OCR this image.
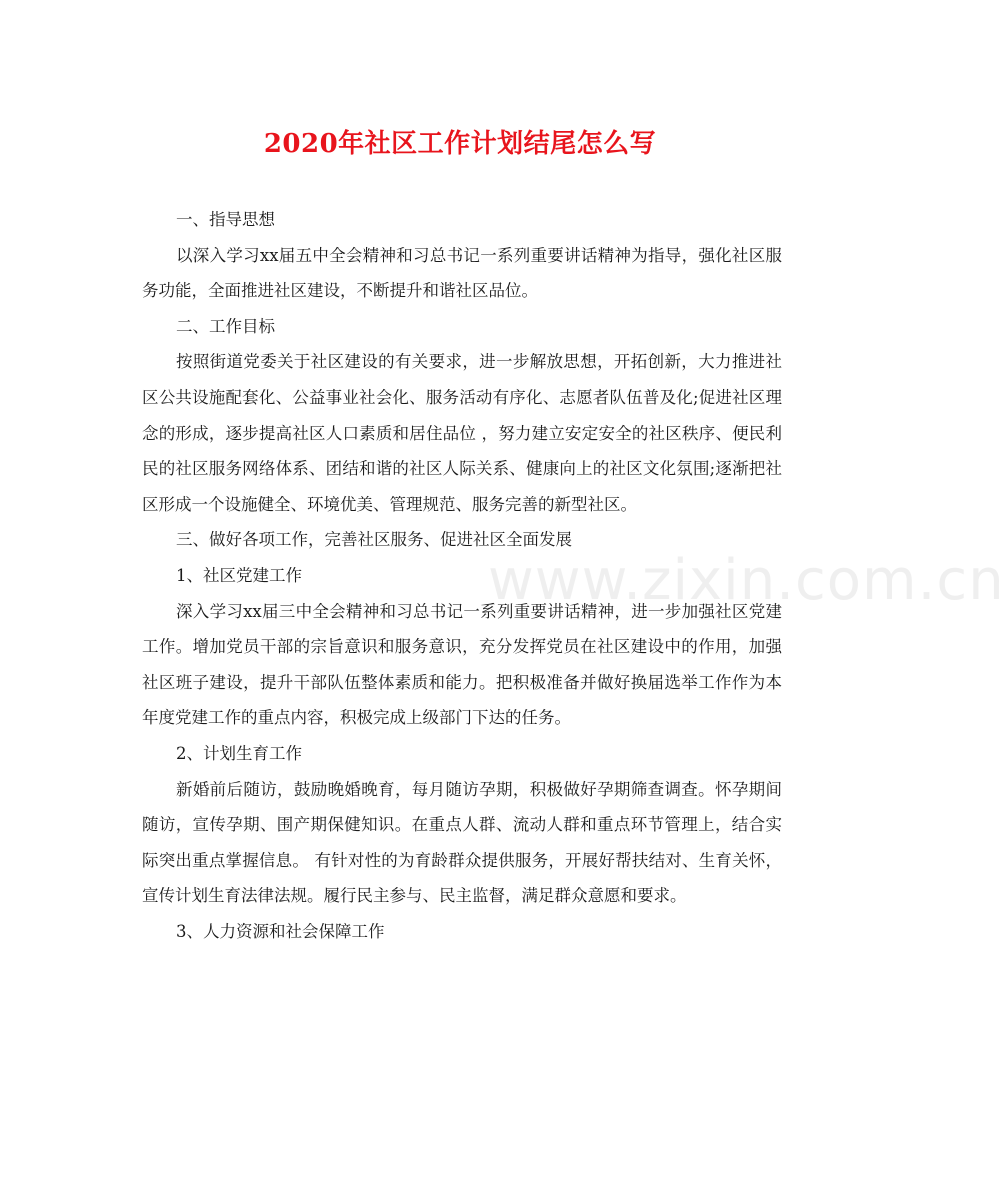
2020年社区工作计划结尾怎么写
www.zixin.com.cn

一、指导思想

以深入学习xx届五中全会精神和习总书记一系列重要讲话精神为指导，强化社区服务功能，全面推进社区建设，不断提升和谐社区品位。

二、工作目标

按照街道党委关于社区建设的有关要求，进一步解放思想，开拓创新，大力推进社区公共设施配套化、公益事业社会化、服务活动有序化、志愿者队伍普及化;促进社区理念的形成，逐步提高社区人口素质和居住品位 ，努力建立安定安全的社区秩序、便民利民的社区服务网络体系、团结和谐的社区人际关系、健康向上的社区文化氛围;逐渐把社区形成一个设施健全、环境优美、管理规范、服务完善的新型社区。

三、做好各项工作，完善社区服务、促进社区全面发展

1、社区党建工作

深入学习xx届三中全会精神和习总书记一系列重要讲话精神，进一步加强社区党建工作。增加党员干部的宗旨意识和服务意识，充分发挥党员在社区建设中的作用，加强社区班子建设，提升干部队伍整体素质和能力。把积极准备并做好换届选举工作作为本年度党建工作的重点内容，积极完成上级部门下达的任务。

2、计划生育工作

新婚前后随访，鼓励晚婚晚育，每月随访孕期，积极做好孕期筛查调查。怀孕期间随访，宣传孕期、围产期保健知识。在重点人群、流动人群和重点环节管理上，结合实际突出重点掌握信息。 有针对性的为育龄群众提供服务，开展好帮扶结对、生育关怀，宣传计划生育法律法规。履行民主参与、民主监督，满足群众意愿和要求。

3、人力资源和社会保障工作
